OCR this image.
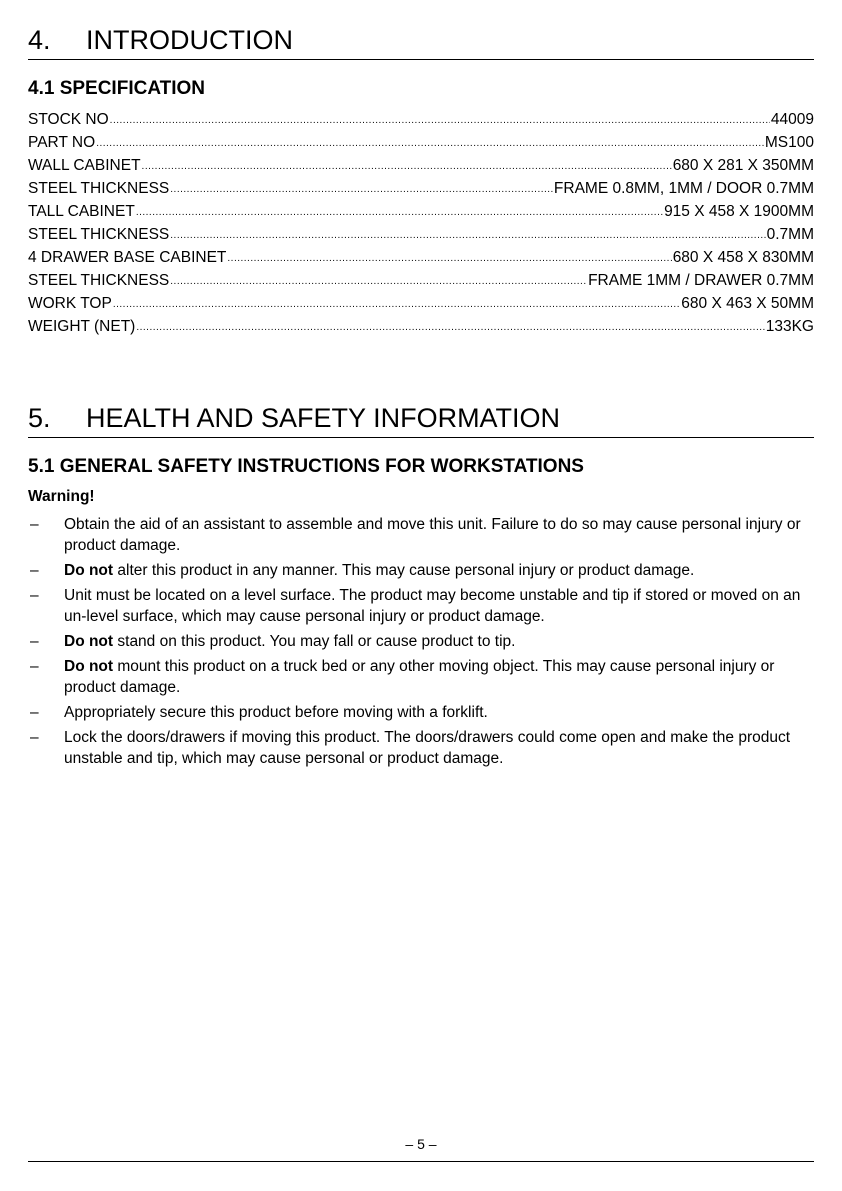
4. INTRODUCTION
4.1 SPECIFICATION
STOCK NO .....	44009
PART NO .....	MS100
WALL CABINET .....	680 X 281 X 350MM
STEEL THICKNESS .....	FRAME 0.8MM, 1MM / DOOR 0.7MM
TALL CABINET .....	915 X 458 X 1900MM
STEEL THICKNESS .....	0.7MM
4 DRAWER BASE CABINET .....	680 X 458 X 830MM
STEEL THICKNESS .....	FRAME 1MM / DRAWER 0.7MM
WORK TOP .....	680 X 463 X 50MM
WEIGHT (NET) .....	133KG
5. HEALTH AND SAFETY INFORMATION
5.1 GENERAL SAFETY INSTRUCTIONS FOR WORKSTATIONS
Warning!
–	Obtain the aid of an assistant to assemble and move this unit. Failure to do so may cause personal injury or product damage.
–	Do not alter this product in any manner. This may cause personal injury or product damage.
–	Unit must be located on a level surface. The product may become unstable and tip if stored or moved on an un-level surface, which may cause personal injury or product damage.
–	Do not stand on this product. You may fall or cause product to tip.
–	Do not mount this product on a truck bed or any other moving object. This may cause personal injury or product damage.
–	Appropriately secure this product before moving with a forklift.
–	Lock the doors/drawers if moving this product. The doors/drawers could come open and make the product unstable and tip, which may cause personal or product damage.
– 5 –
